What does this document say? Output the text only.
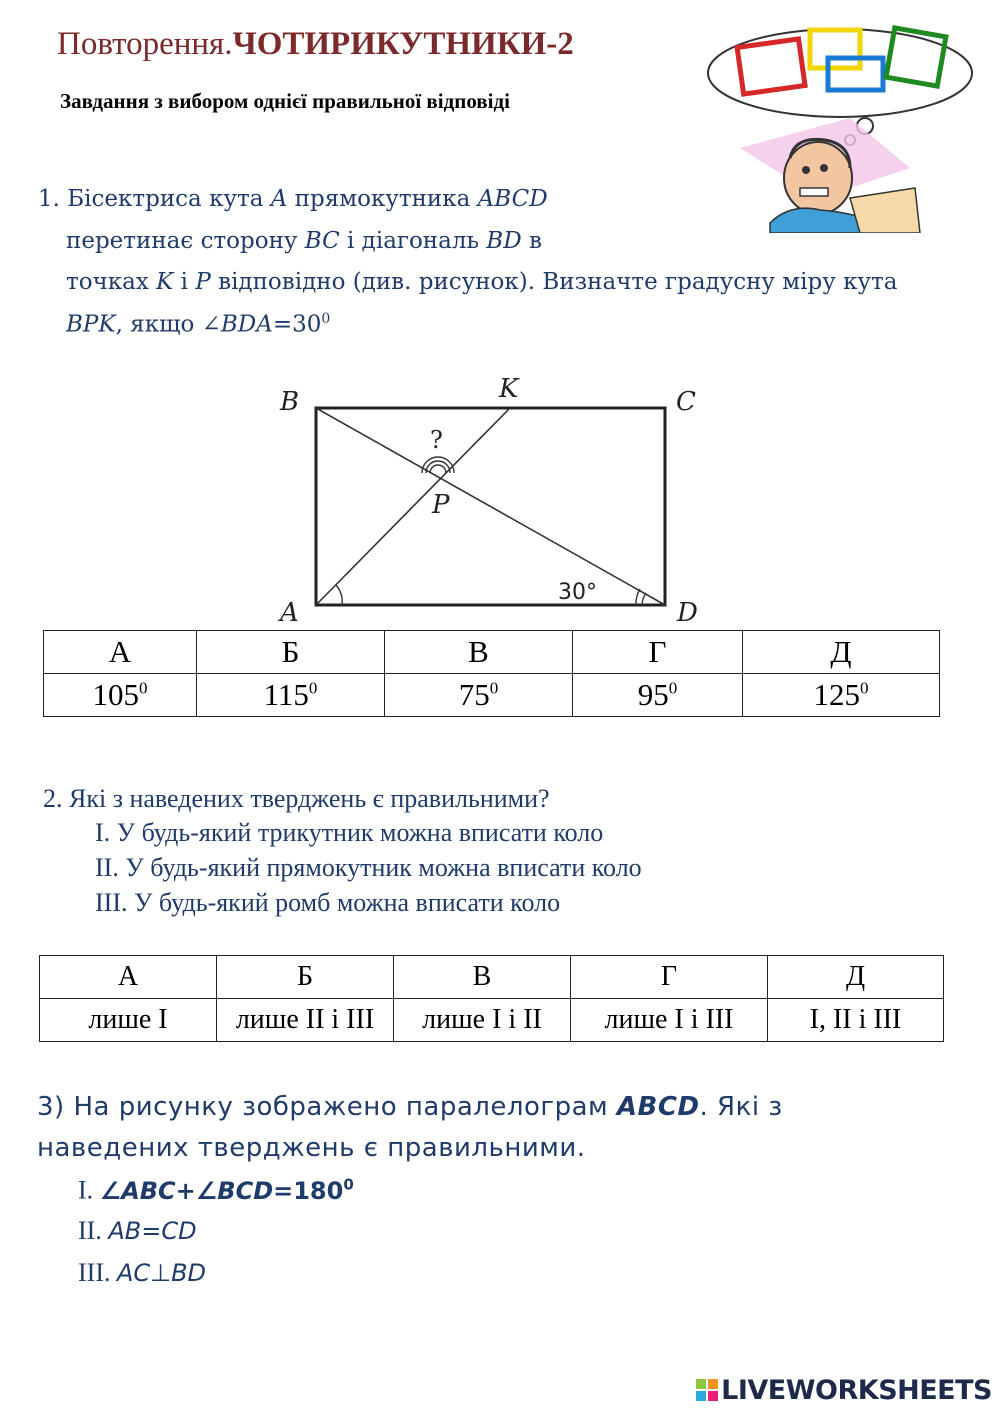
Повторення.ЧОТИРИКУТНИКИ-2
Завдання з вибором однієї правильної відповіді
1. Бісектриса кута A прямокутника ABCD
перетинає сторону BC і діагональ BD в
точках K і P відповідно (див. рисунок). Визначте градусну міру кута
BPK, якщо $\angle BDA=30^0$
B	C
A	D
K
P
?
30°
А	Б	В	Г	Д
$105^0$	$115^0$	$75^0$	$95^0$	$125^0$
2. Які з наведених тверджень є правильними?
I. У будь-який трикутник можна вписати коло
II. У будь-який прямокутник можна вписати коло
III. У будь-який ромб можна вписати коло
А	Б	В	Г	Д
лише I	лише II і III	лише I і II	лише I і III	I, II і III
3) На рисунку зображено паралелограм ABCD. Які з
наведених тверджень є правильними.
I. $\angle ABC+\angle BCD=180^0$
II. AB=CD
III. AC⊥BD
LIVEWORKSHEETS
